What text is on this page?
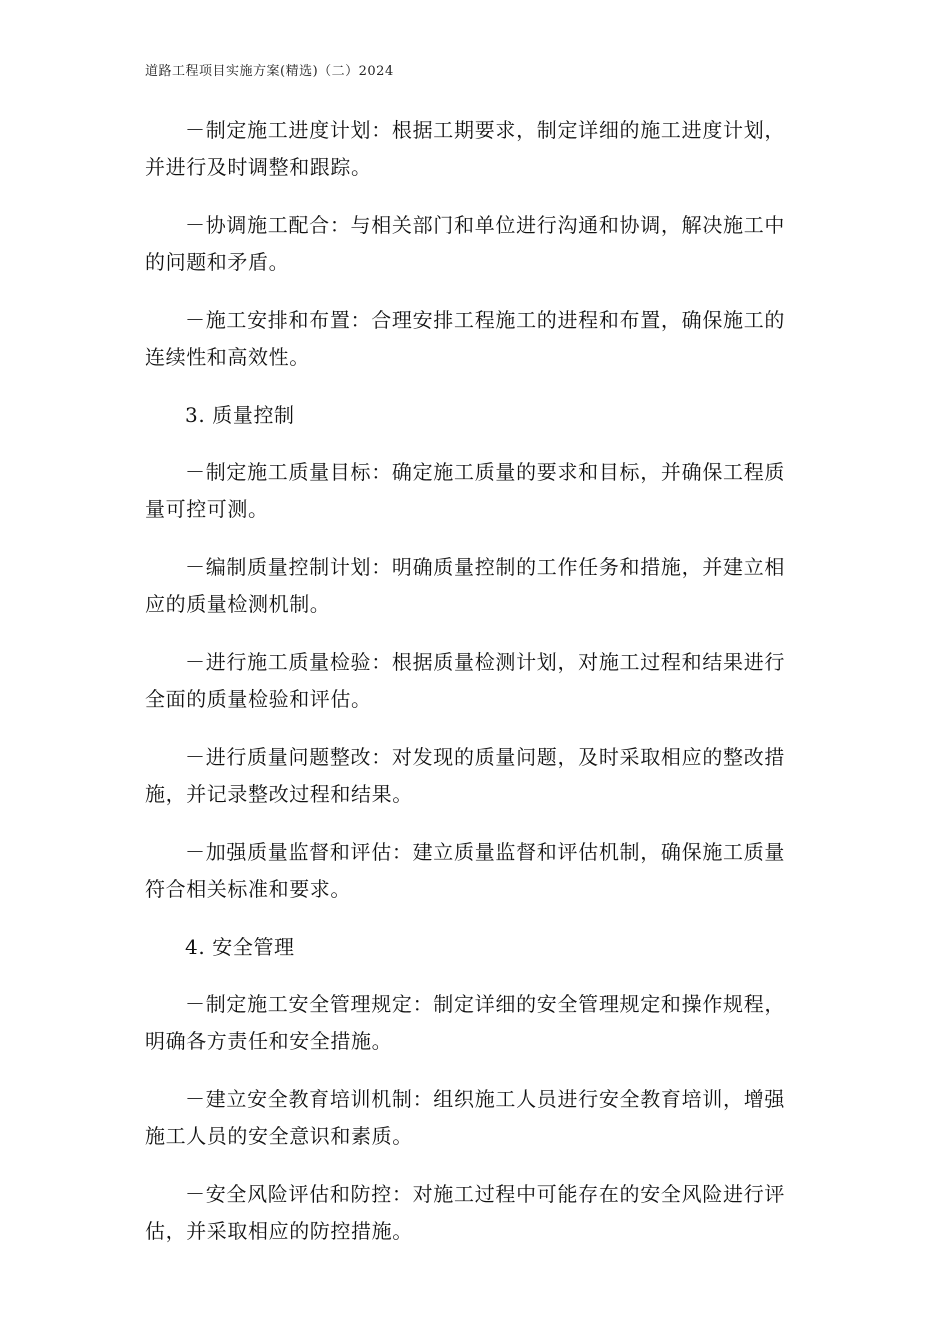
道路工程项目实施方案(精选)（二）2024

－制定施工进度计划：根据工期要求，制定详细的施工进度计划，并进行及时调整和跟踪。

－协调施工配合：与相关部门和单位进行沟通和协调，解决施工中的问题和矛盾。

－施工安排和布置：合理安排工程施工的进程和布置，确保施工的连续性和高效性。

3. 质量控制

－制定施工质量目标：确定施工质量的要求和目标，并确保工程质量可控可测。

－编制质量控制计划：明确质量控制的工作任务和措施，并建立相应的质量检测机制。

－进行施工质量检验：根据质量检测计划，对施工过程和结果进行全面的质量检验和评估。

－进行质量问题整改：对发现的质量问题，及时采取相应的整改措施，并记录整改过程和结果。

－加强质量监督和评估：建立质量监督和评估机制，确保施工质量符合相关标准和要求。

4. 安全管理

－制定施工安全管理规定：制定详细的安全管理规定和操作规程，明确各方责任和安全措施。

－建立安全教育培训机制：组织施工人员进行安全教育培训，增强施工人员的安全意识和素质。

－安全风险评估和防控：对施工过程中可能存在的安全风险进行评估，并采取相应的防控措施。
